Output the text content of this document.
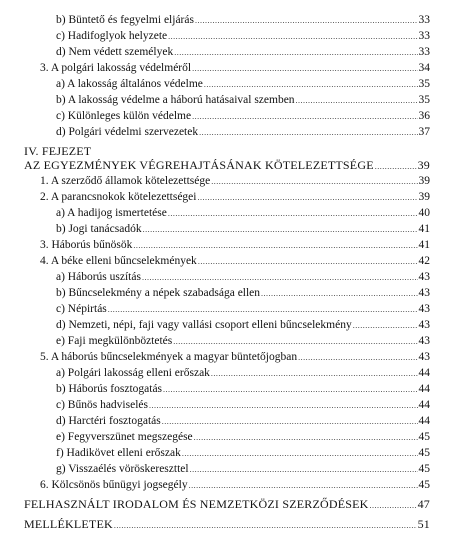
b) Büntető és fegyelmi eljárás .....	33
c) Hadifoglyok helyzete .....	33
d) Nem védett személyek .....	33
3. A polgári lakosság védelméről .....	34
a) A lakosság általános védelme .....	35
b) A lakosság védelme a háború hatásaival szemben .....	35
c) Különleges külön védelme .....	36
d) Polgári védelmi szervezetek .....	37
IV. FEJEZET
AZ EGYEZMÉNYEK VÉGREHAJTÁSÁNAK KÖTELEZETTSÉGE .....	39
1. A szerződő államok kötelezettsége .....	39
2. A parancsnokok kötelezettségei .....	39
a) A hadijog ismertetése .....	40
b) Jogi tanácsadók .....	41
3. Háborús bűnösök .....	41
4. A béke elleni bűncselekmények .....	42
a) Háborús uszítás .....	43
b) Bűncselekmény a népek szabadsága ellen .....	43
c) Népirtás .....	43
d) Nemzeti, népi, faji vagy vallási csoport elleni bűncselekmény .....	43
e) Faji megkülönböztetés .....	43
5. A háborús bűncselekmények a magyar büntetőjogban .....	43
a) Polgári lakosság elleni erőszak .....	44
b) Háborús fosztogatás .....	44
c) Bűnös hadviselés .....	44
d) Harctéri fosztogatás .....	44
e) Fegyverszünet megszegése .....	45
f) Hadikövet elleni erőszak .....	45
g) Visszaélés vöröskereszttel .....	45
6. Kölcsönös bűnügyi jogsegély .....	45
FELHASZNÁLT IRODALOM ÉS NEMZETKÖZI SZERZŐDÉSEK .....	47
MELLÉKLETEK .....	51
